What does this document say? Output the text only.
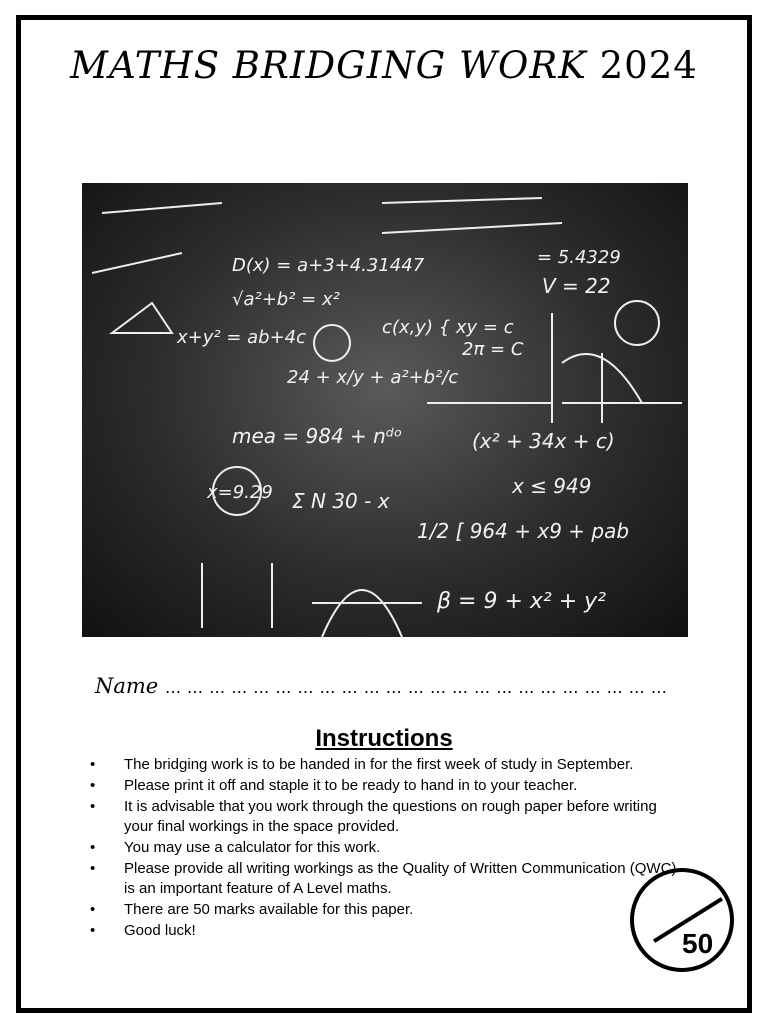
MATHS BRIDGING WORK 2024
D(x) = a+3+4.31447
√a²+b² = x²
x+y² = ab+4c	c(x,y) { xy = c
2π = C
24 + x/y + a²+b²/c
mea = 984 + nᵈᵒ	(x² + 34x + c)
Σ N 30 - x
x ≤ 949
1/2 [ 964 + x9 + pab
β = 9 + x² + y²
V = 22
= 5.4329
x=9.29
Name … … … … … … … … … … … … … … … … … … … … … … …
Instructions
• The bridging work is to be handed in for the first week of study in September.
• Please print it off and staple it to be ready to hand in to your teacher.
• It is advisable that you work through the questions on rough paper before writing your final workings in the space provided.
• You may use a calculator for this work.
• Please provide all writing workings as the Quality of Written Communication (QWC) is an important feature of A Level maths.
• There are 50 marks available for this paper.
• Good luck!	50
